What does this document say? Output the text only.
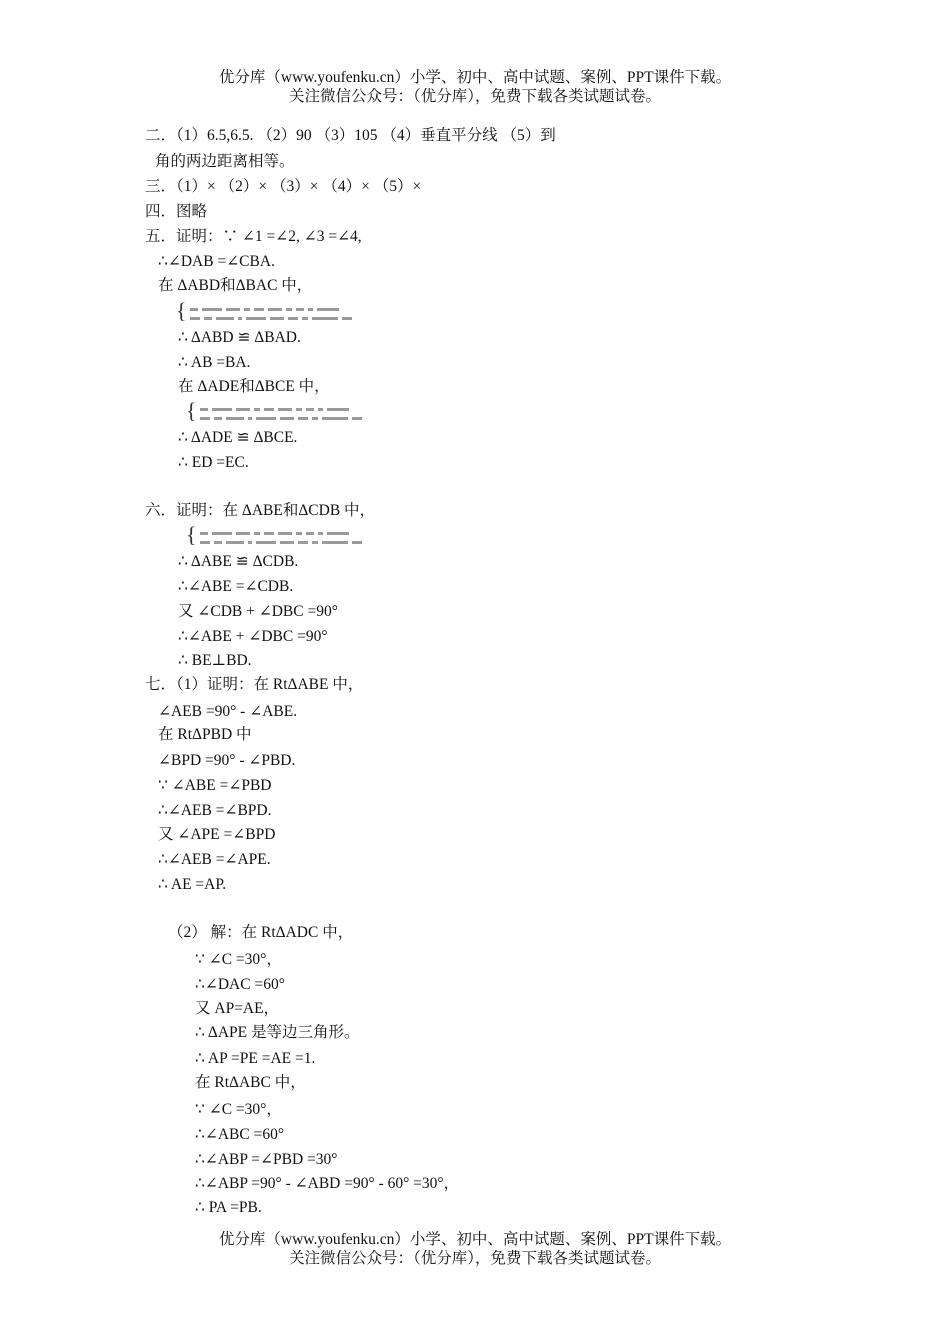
优分库（www.youfenku.cn）小学、初中、高中试题、案例、PPT课件下载。
关注微信公众号：（优分库），免费下载各类试题试卷。
二．（1）6.5,6.5. （2）90 （3）105 （4）垂直平分线 （5）到
角的两边距离相等。
三．（1）× （2）× （3）× （4）× （5）×
四．图略
五．证明：∵ ∠1 =∠2, ∠3 =∠4,
∴∠DAB =∠CBA.
在 ΔABD和ΔBAC 中，
∴ ΔABD ≌ ΔBAD.
∴ AB =BA.
在 ΔADE和ΔBCE 中，
∴ ΔADE ≌ ΔBCE.
∴ ED =EC.
六．证明：在 ΔABE和ΔCDB 中，
∴ ΔABE ≌ ΔCDB.
∴∠ABE =∠CDB.
又 ∠CDB + ∠DBC =90°
∴∠ABE + ∠DBC =90°
∴ BE⊥BD.
七．（1）证明：在 RtΔABE 中，
∠AEB =90° - ∠ABE.
在 RtΔPBD 中
∠BPD =90° - ∠PBD.
∵ ∠ABE =∠PBD
∴∠AEB =∠BPD.
又 ∠APE =∠BPD
∴∠AEB =∠APE.
∴ AE =AP.
（2） 解：在 RtΔADC 中，
∵ ∠C =30°，
∴∠DAC =60°
又 AP=AE，
∴ ΔAPE 是等边三角形。
∴ AP =PE =AE =1.
在 RtΔABC 中，
∵ ∠C =30°，
∴∠ABC =60°
∴∠ABP =∠PBD =30°
∴∠ABP =90° - ∠ABD =90° - 60° =30°，
∴ PA =PB.
{
{
{
优分库（www.youfenku.cn）小学、初中、高中试题、案例、PPT课件下载。
关注微信公众号：（优分库），免费下载各类试题试卷。
